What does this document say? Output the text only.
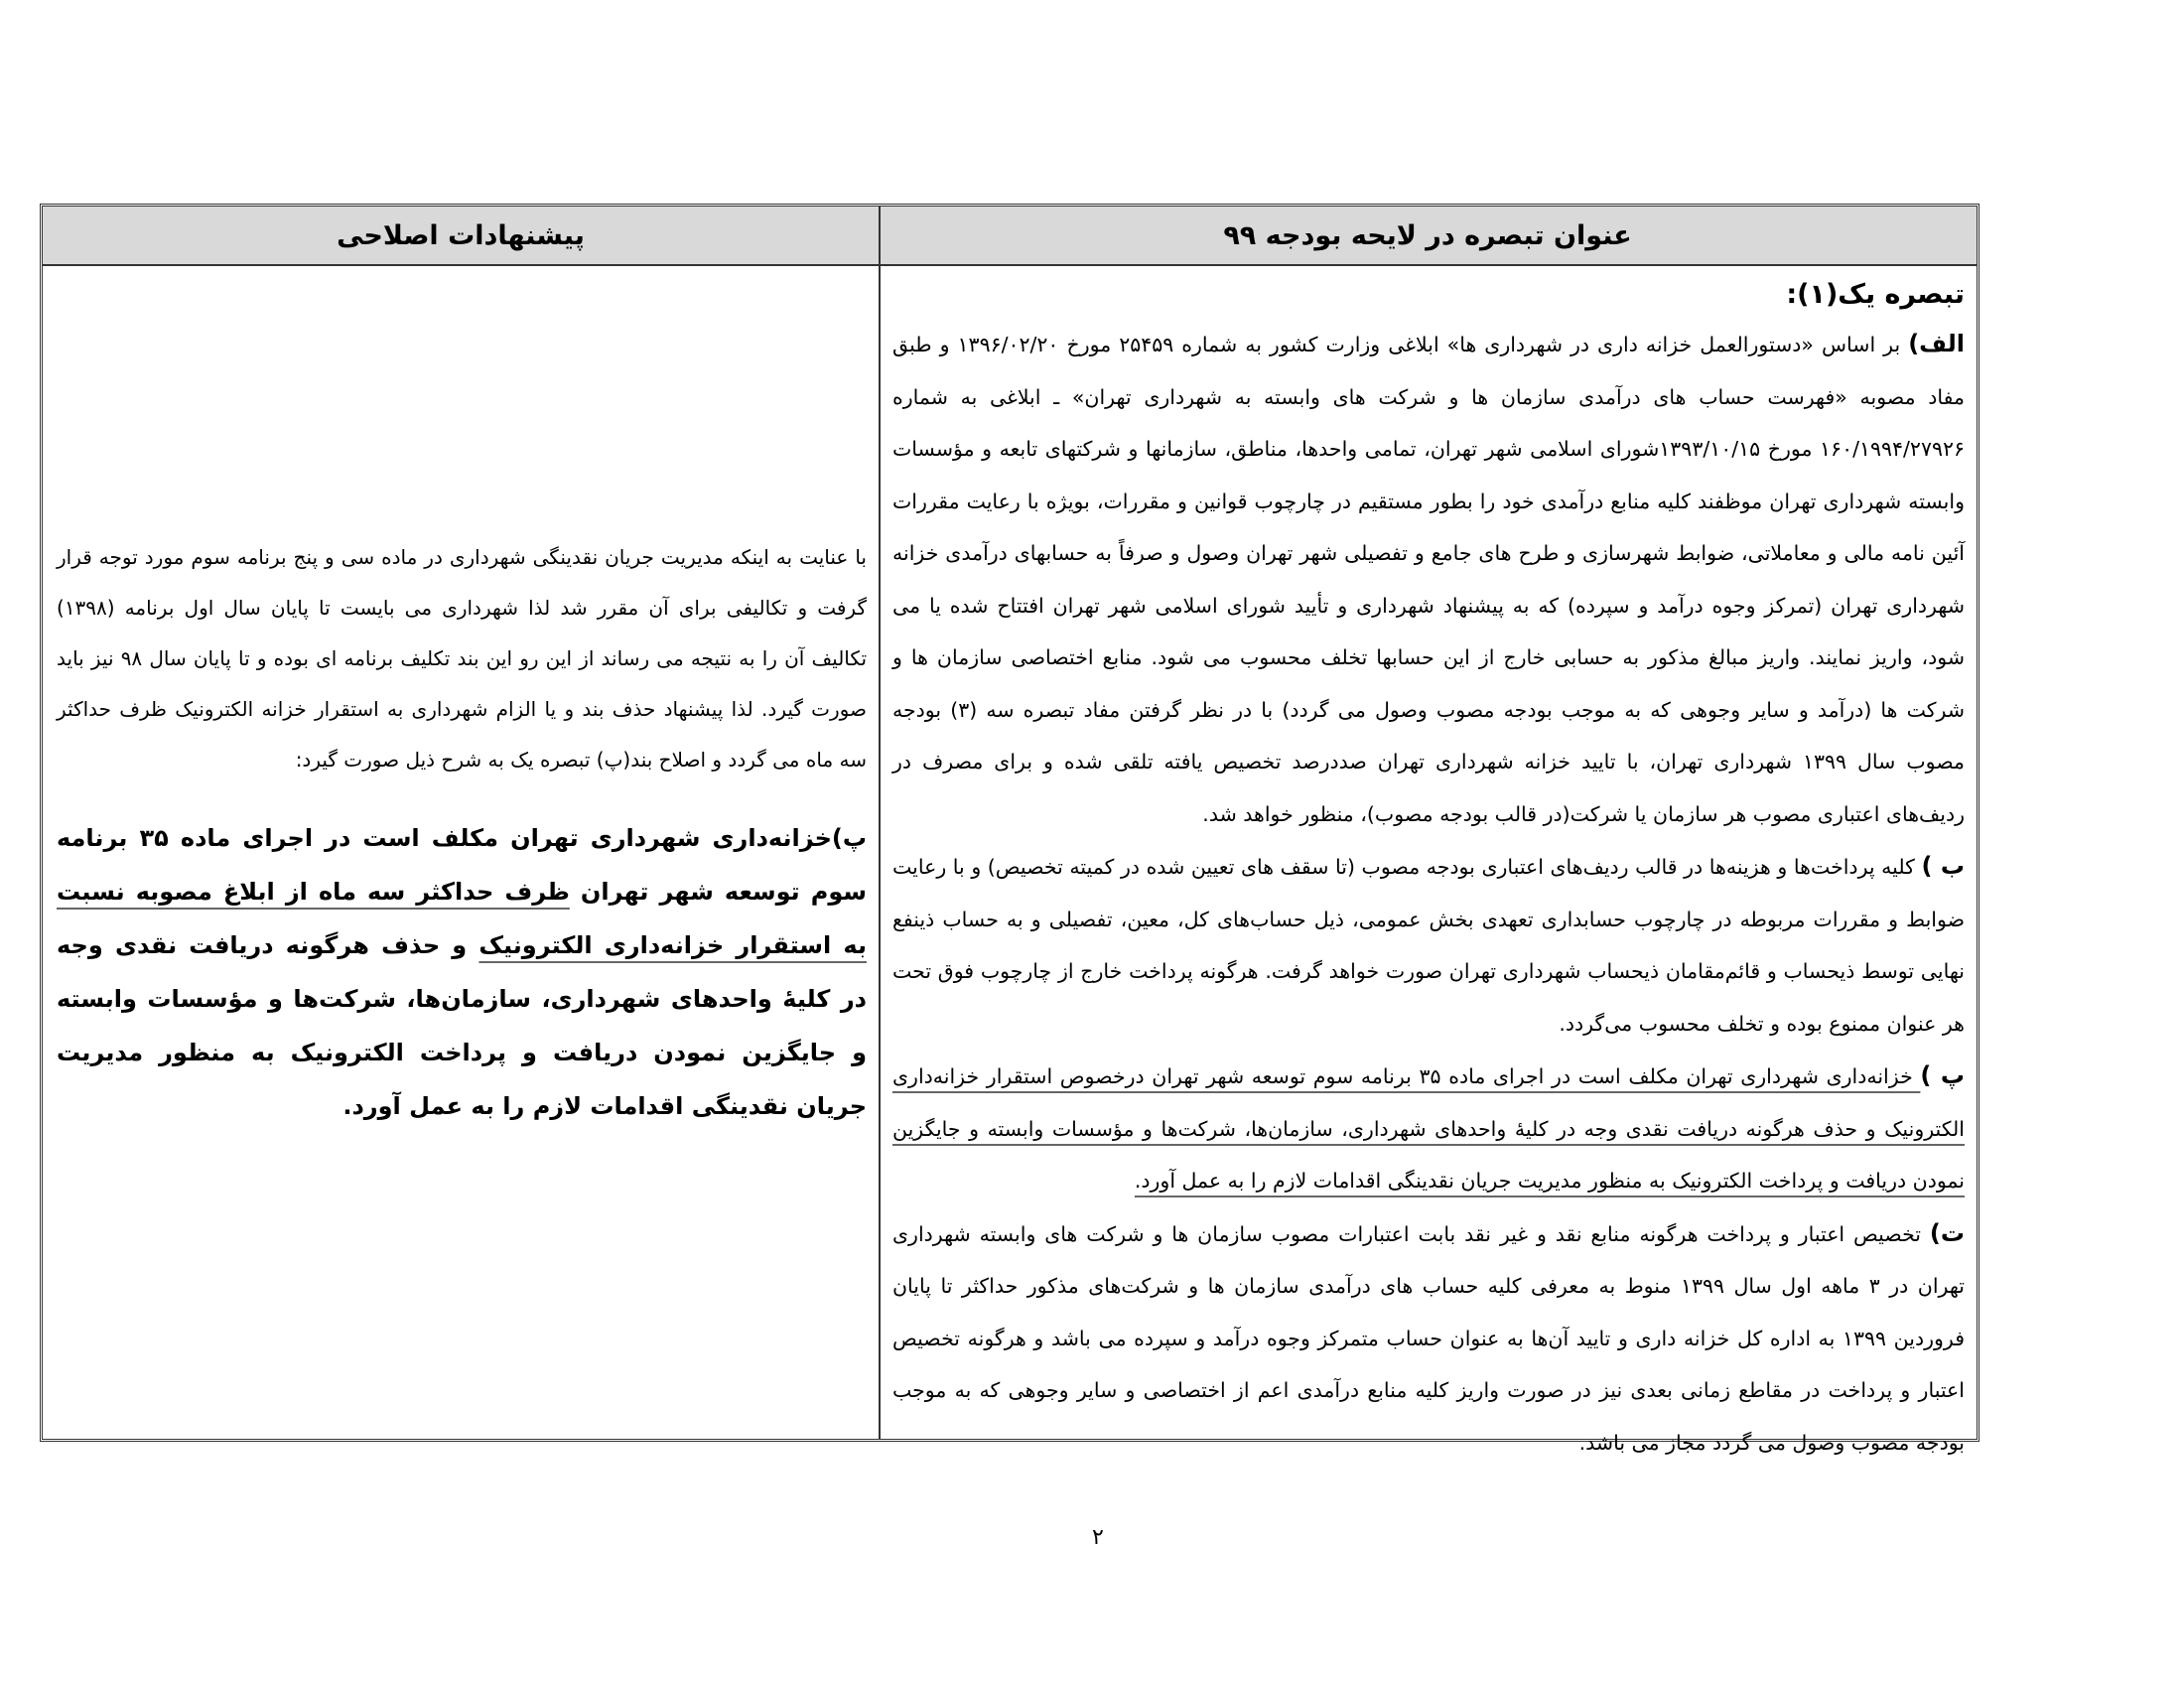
عنوان تبصره در لایحه بودجه ۹۹
پیشنهادات اصلاحی
تبصره یک(۱):

الف) بر اساس «دستورالعمل خزانه داری در شهرداری ها» ابلاغی وزارت کشور به شماره ۲۵۴۵۹ مورخ ۱۳۹۶/۰۲/۲۰ و طبق مفاد مصوبه «فهرست حساب های درآمدی سازمان ها و شرکت های وابسته به شهرداری تهران» ـ ابلاغی به شماره ۱۶۰/۱۹۹۴/۲۷۹۲۶ مورخ ۱۳۹۳/۱۰/۱۵شورای اسلامی شهر تهران، تمامی واحدها، مناطق، سازمانها و شرکتهای تابعه و مؤسسات وابسته شهرداری تهران موظفند کلیه منابع درآمدی خود را بطور مستقیم در چارچوب قوانین و مقررات، بویژه با رعایت مقررات آئین نامه مالی و معاملاتی، ضوابط شهرسازی و طرح های جامع و تفصیلی شهر تهران وصول و صرفاً به حسابهای درآمدی خزانه شهرداری تهران (تمرکز وجوه درآمد و سپرده) که به پیشنهاد شهرداری و تأیید شورای اسلامی شهر تهران افتتاح شده یا می شود، واریز نمایند. واریز مبالغ مذکور به حسابی خارج از این حسابها تخلف محسوب می شود. منابع اختصاصی سازمان ها و شرکت ها (درآمد و سایر وجوهی که به موجب بودجه مصوب وصول می گردد) با در نظر گرفتن مفاد تبصره سه (۳) بودجه مصوب سال ۱۳۹۹ شهرداری تهران، با تایید خزانه شهرداری تهران صددرصد تخصیص یافته تلقی شده و برای مصرف در ردیف‌های اعتباری مصوب هر سازمان یا شرکت(در قالب بودجه مصوب)، منظور خواهد شد.

ب ) کلیه پرداخت‌ها و هزینه‌ها در قالب ردیف‌های اعتباری بودجه مصوب (تا سقف های تعیین شده در کمیته تخصیص) و با رعایت ضوابط و مقررات مربوطه در چارچوب حسابداری تعهدی بخش عمومی، ذیل حساب‌های کل، معین، تفصیلی و به حساب ذینفع نهایی توسط ذیحساب و قائم‌مقامان ذیحساب شهرداری تهران صورت خواهد گرفت. هرگونه پرداخت خارج از چارچوب فوق تحت هر عنوان ممنوع بوده و تخلف محسوب می‌گردد.

پ ) خزانه‌داری شهرداری تهران مکلف است در اجرای ماده ۳۵ برنامه سوم توسعه شهر تهران درخصوص استقرار خزانه‌داری الکترونیک و حذف هرگونه دریافت نقدی وجه در کلیهٔ واحدهای شهرداری، سازمان‌ها، شرکت‌ها و مؤسسات وابسته و جایگزین نمودن دریافت و پرداخت الکترونیک به منظور مدیریت جریان نقدینگی اقدامات لازم را به عمل آورد.

ت) تخصیص اعتبار و پرداخت هرگونه منابع نقد و غیر نقد بابت اعتبارات مصوب سازمان ها و شرکت های وابسته شهرداری تهران در ۳ ماهه اول سال ۱۳۹۹ منوط به معرفی کلیه حساب های درآمدی سازمان ها و شرکت‌های مذکور حداکثر تا پایان فروردین ۱۳۹۹ به اداره کل خزانه داری و تایید آن‌ها به عنوان حساب متمرکز وجوه درآمد و سپرده می باشد و هرگونه تخصیص اعتبار و پرداخت در مقاطع زمانی بعدی نیز در صورت واریز کلیه منابع درآمدی اعم از اختصاصی و سایر وجوهی که به موجب بودجه مصوب وصول می گردد مجاز می باشد.

با عنایت به اینکه مدیریت جریان نقدینگی شهرداری در ماده سی و پنج برنامه سوم مورد توجه قرار گرفت و تکالیفی برای آن مقرر شد لذا شهرداری می بایست تا پایان سال اول برنامه (۱۳۹۸) تکالیف آن را به نتیجه می رساند از این رو این بند تکلیف برنامه ای بوده و تا پایان سال ۹۸ نیز باید صورت گیرد. لذا پیشنهاد حذف بند و یا الزام شهرداری به استقرار خزانه الکترونیک ظرف حداکثر سه ماه می گردد و اصلاح بند(پ) تبصره یک به شرح ذیل صورت گیرد:

پ)خزانه‌داری شهرداری تهران مکلف است در اجرای ماده ۳۵ برنامه سوم توسعه شهر تهران ظرف حداکثر سه ماه از ابلاغ مصوبه نسبت به استقرار خزانه‌داری الکترونیک و حذف هرگونه دریافت نقدی وجه در کلیهٔ واحدهای شهرداری، سازمان‌ها، شرکت‌ها و مؤسسات وابسته و جایگزین نمودن دریافت و پرداخت الکترونیک به منظور مدیریت جریان نقدینگی اقدامات لازم را به عمل آورد.

۲
